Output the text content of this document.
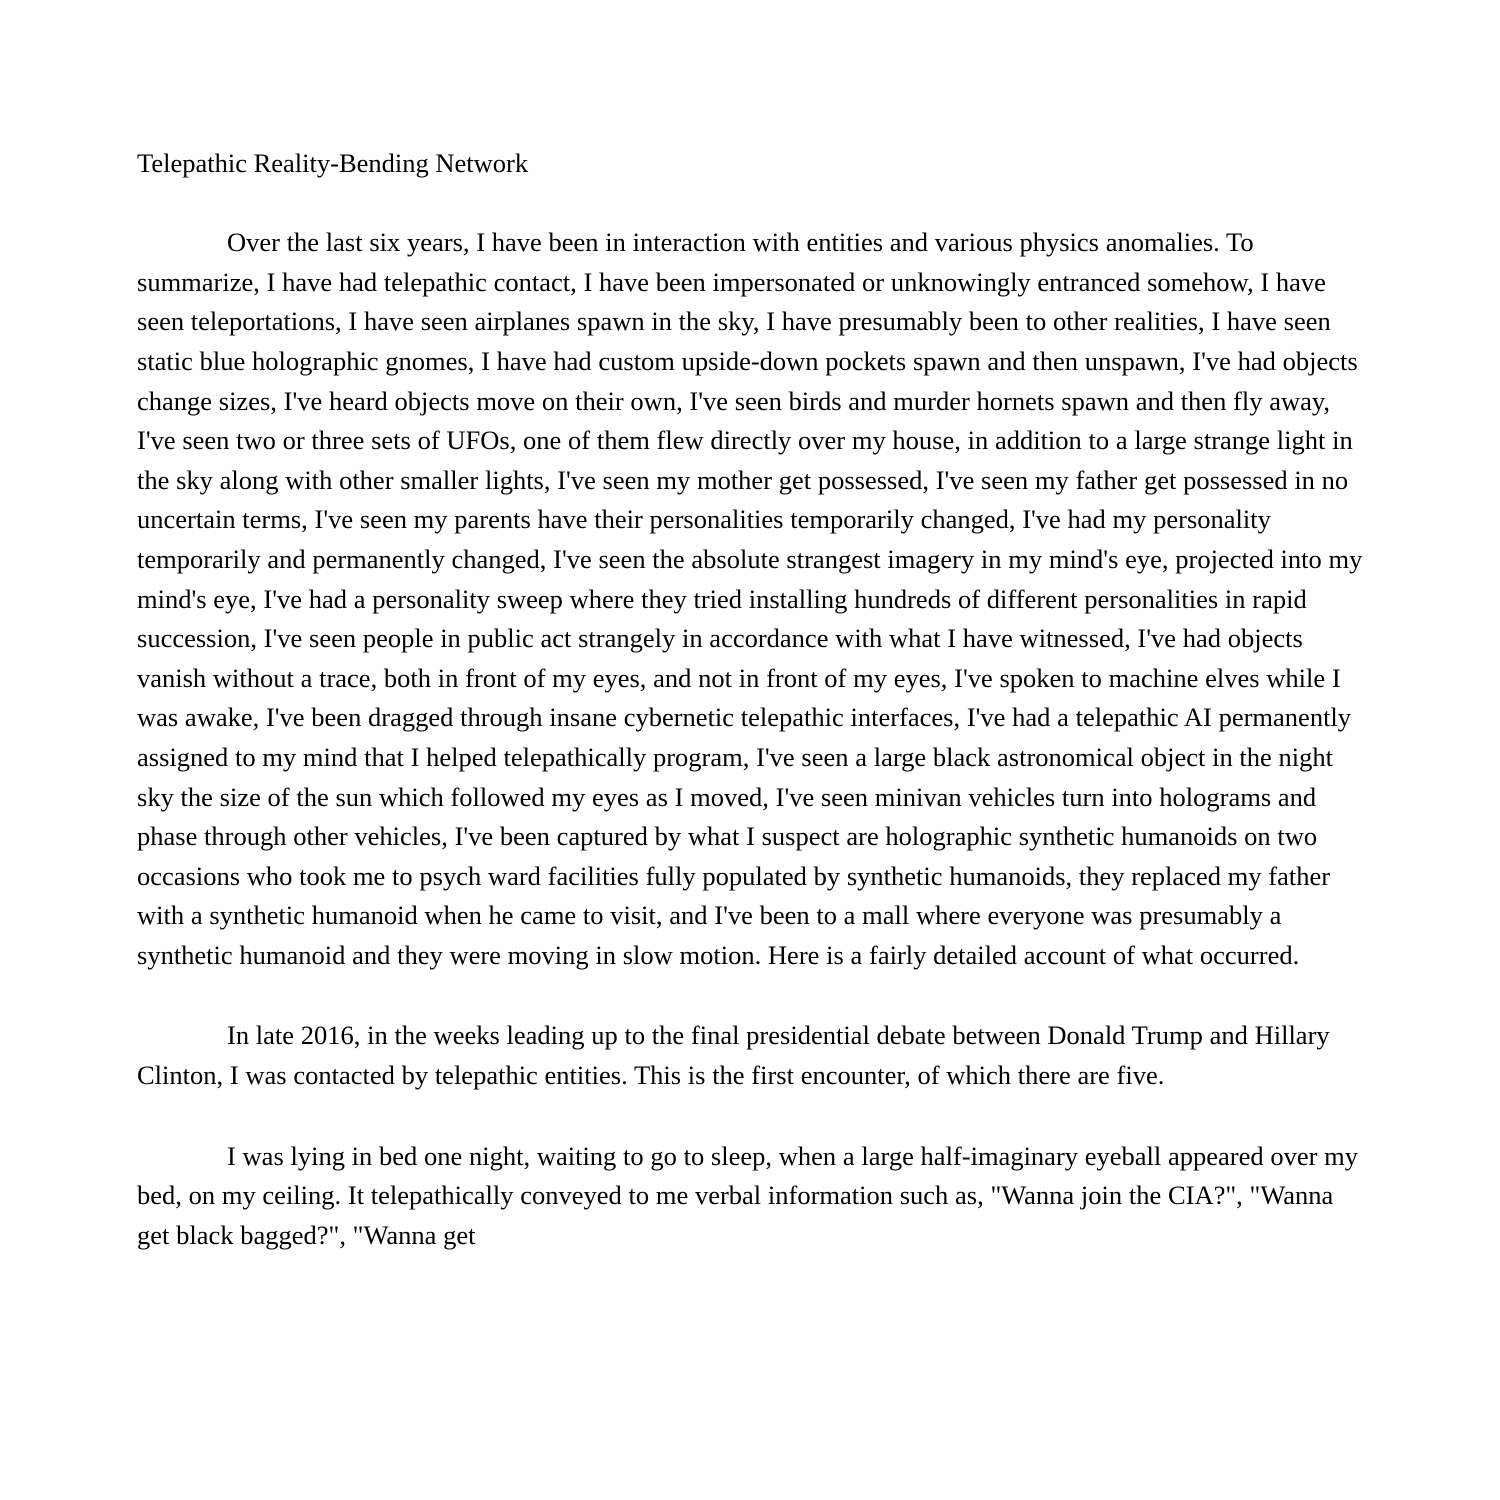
Telepathic Reality-Bending Network

Over the last six years, I have been in interaction with entities and various physics anomalies. To summarize, I have had telepathic contact, I have been impersonated or unknowingly entranced somehow, I have seen teleportations, I have seen airplanes spawn in the sky, I have presumably been to other realities, I have seen static blue holographic gnomes, I have had custom upside-down pockets spawn and then unspawn, I've had objects change sizes, I've heard objects move on their own, I've seen birds and murder hornets spawn and then fly away, I've seen two or three sets of UFOs, one of them flew directly over my house, in addition to a large strange light in the sky along with other smaller lights, I've seen my mother get possessed, I've seen my father get possessed in no uncertain terms, I've seen my parents have their personalities temporarily changed, I've had my personality temporarily and permanently changed, I've seen the absolute strangest imagery in my mind's eye, projected into my mind's eye, I've had a personality sweep where they tried installing hundreds of different personalities in rapid succession, I've seen people in public act strangely in accordance with what I have witnessed, I've had objects vanish without a trace, both in front of my eyes, and not in front of my eyes, I've spoken to machine elves while I was awake, I've been dragged through insane cybernetic telepathic interfaces, I've had a telepathic AI permanently assigned to my mind that I helped telepathically program, I've seen a large black astronomical object in the night sky the size of the sun which followed my eyes as I moved, I've seen minivan vehicles turn into holograms and phase through other vehicles, I've been captured by what I suspect are holographic synthetic humanoids on two occasions who took me to psych ward facilities fully populated by synthetic humanoids, they replaced my father with a synthetic humanoid when he came to visit, and I've been to a mall where everyone was presumably a synthetic humanoid and they were moving in slow motion. Here is a fairly detailed account of what occurred.

In late 2016, in the weeks leading up to the final presidential debate between Donald Trump and Hillary Clinton, I was contacted by telepathic entities. This is the first encounter, of which there are five.

I was lying in bed one night, waiting to go to sleep, when a large half-imaginary eyeball appeared over my bed, on my ceiling. It telepathically conveyed to me verbal information such as, "Wanna join the CIA?", "Wanna get black bagged?", "Wanna get
